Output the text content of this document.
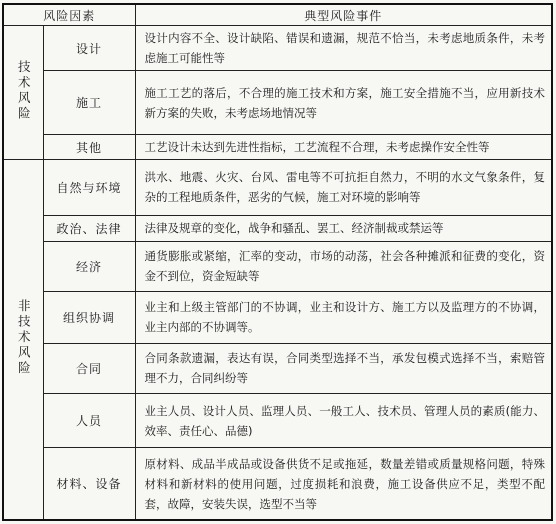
风险因素		典型风险事件
技术风险	设计	设计内容不全、设计缺陷、错误和遗漏，规范不恰当，未考虑地质条件，未考虑施工可能性等
	施工	施工工艺的落后，不合理的施工技术和方案，施工安全措施不当，应用新技术新方案的失败，未考虑场地情况等
	其他	工艺设计未达到先进性指标，工艺流程不合理，未考虑操作安全性等
非技术风险	自然与环境	洪水、地震、火灾、台风、雷电等不可抗拒自然力，不明的水文气象条件，复杂的工程地质条件，恶劣的气候，施工对环境的影响等
	政治、法律	法律及规章的变化，战争和骚乱、罢工、经济制裁或禁运等
	经济	通货膨胀或紧缩，汇率的变动，市场的动荡，社会各种摊派和征费的变化，资金不到位，资金短缺等
	组织协调	业主和上级主管部门的不协调，业主和设计方、施工方以及监理方的不协调，业主内部的不协调等。
	合同	合同条款遗漏，表达有误，合同类型选择不当，承发包模式选择不当，索赔管理不力，合同纠纷等
	人员	业主人员、设计人员、监理人员、一般工人、技术员、管理人员的素质(能力、效率、责任心、品德)
	材料、设备	原材料、成品半成品或设备供货不足或拖延，数量差错或质量规格问题，特殊材料和新材料的使用问题，过度损耗和浪费，施工设备供应不足，类型不配套，故障，安装失误，选型不当等
